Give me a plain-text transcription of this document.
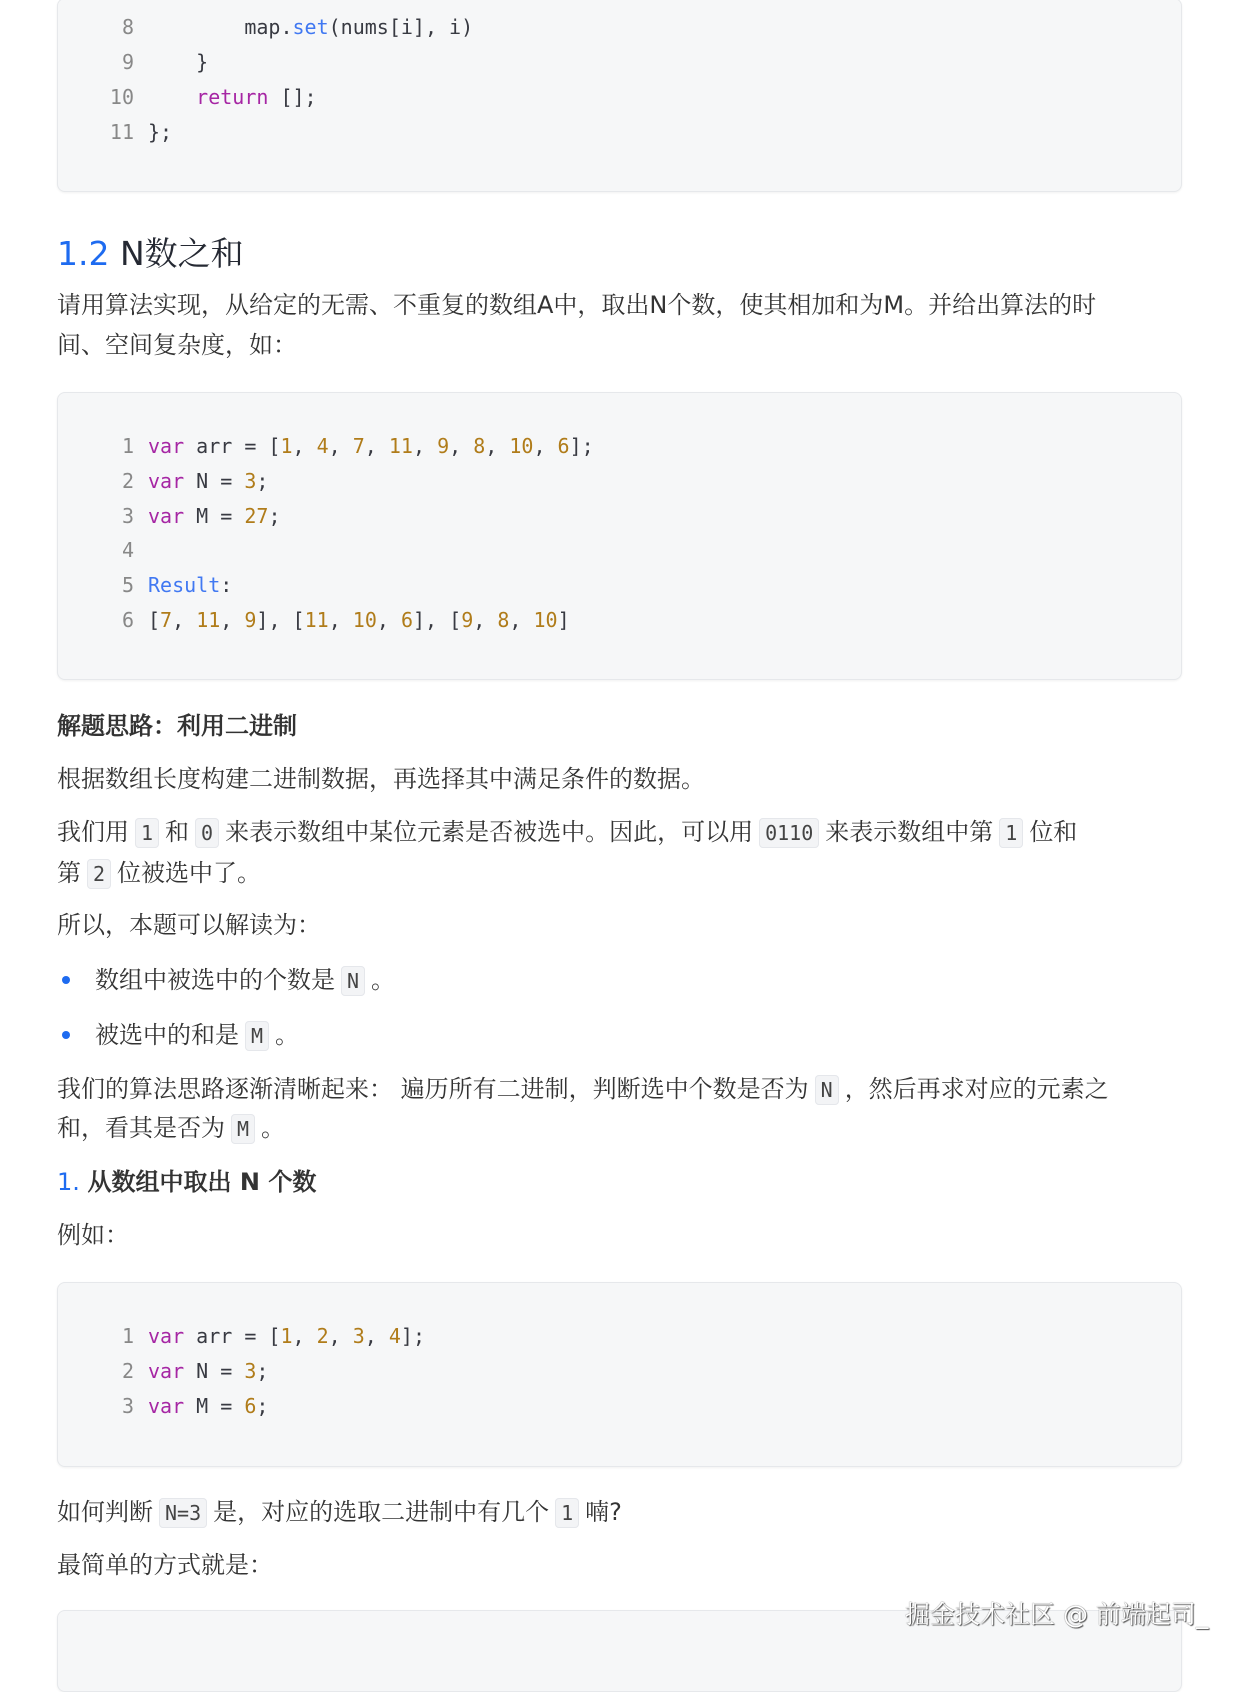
8        map.set(nums[i], i)
9    }
10	return [];
11 };
1.2 N数之和
请用算法实现，从给定的无需、不重复的数组A中，取出N个数，使其相加和为M。并给出算法的时
间、空间复杂度，如：
1 var arr = [1, 4, 7, 11, 9, 8, 10, 6];
2 var N = 3;
3 var M = 27;
4
5 Result:
6 [7, 11, 9], [11, 10, 6], [9, 8, 10]
解题思路：利用二进制
根据数组长度构建二进制数据，再选择其中满足条件的数据。
我们用 1 和 0 来表示数组中某位元素是否被选中。因此，可以用 0110 来表示数组中第 1 位和
第 2 位被选中了。
所以，本题可以解读为：
数组中被选中的个数是 N 。
被选中的和是 M 。
我们的算法思路逐渐清晰起来： 遍历所有二进制，判断选中个数是否为 N ，然后再求对应的元素之
和，看其是否为 M 。
1. 从数组中取出 N 个数
例如：
1 var arr = [1, 2, 3, 4];
2 var N = 3;
3 var M = 6;
如何判断 N=3 是，对应的选取二进制中有几个 1 喃?
最简单的方式就是：
掘金技术社区 @ 前端起司_
